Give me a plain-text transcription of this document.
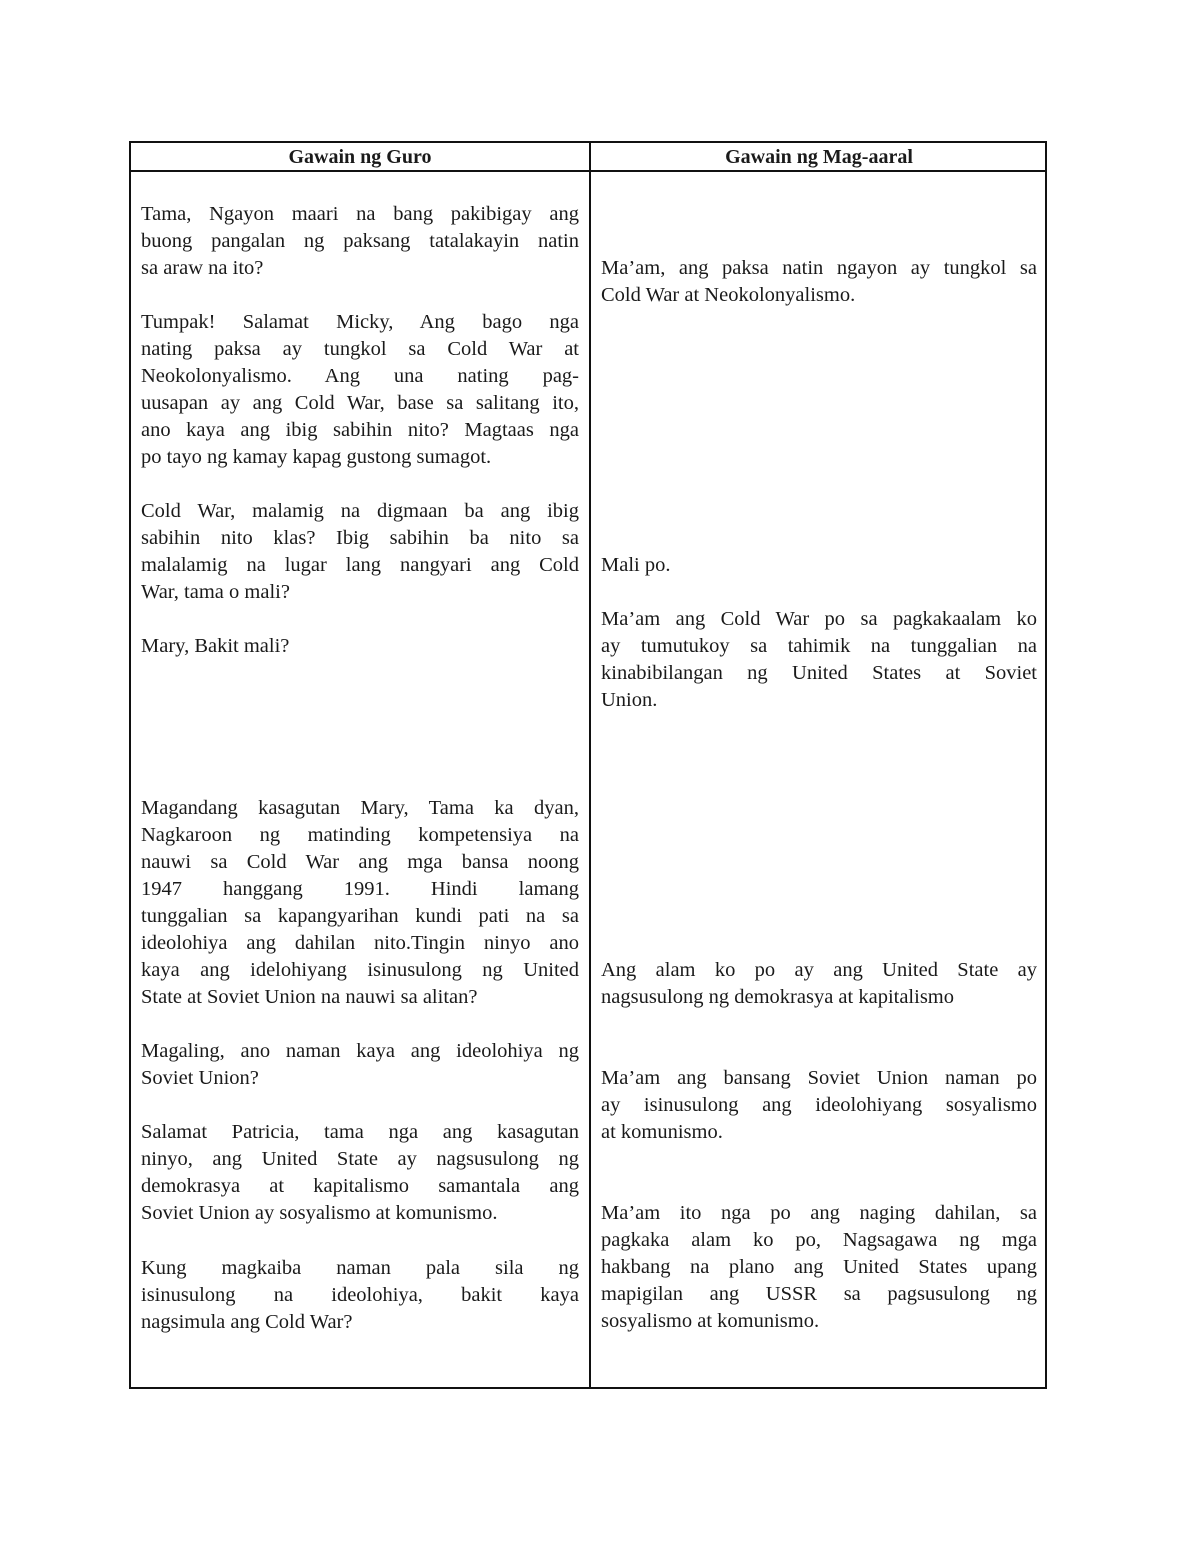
Gawain ng Guro	Gawain ng Mag-aaral
Tama, Ngayon maari na bang pakibigay ang
buong pangalan ng paksang tatalakayin natin
sa araw na ito?
Tumpak! Salamat Micky, Ang bago nga
nating paksa ay tungkol sa Cold War at
Neokolonyalismo. Ang una nating pag-
uusapan ay ang Cold War, base sa salitang ito,
ano kaya ang ibig sabihin nito? Magtaas nga
po tayo ng kamay kapag gustong sumagot.
Cold War, malamig na digmaan ba ang ibig
sabihin nito klas? Ibig sabihin ba nito sa
malalamig na lugar lang nangyari ang Cold
War, tama o mali?
Mary, Bakit mali?
Magandang kasagutan Mary, Tama ka dyan,
Nagkaroon ng matinding kompetensiya na
nauwi sa Cold War ang mga bansa noong
1947 hanggang 1991. Hindi lamang
tunggalian sa kapangyarihan kundi pati na sa
ideolohiya ang dahilan nito.Tingin ninyo ano
kaya ang idelohiyang isinusulong ng United
State at Soviet Union na nauwi sa alitan?
Magaling, ano naman kaya ang ideolohiya ng
Soviet Union?
Salamat Patricia, tama nga ang kasagutan
ninyo, ang United State ay nagsusulong ng
demokrasya at kapitalismo samantala ang
Soviet Union ay sosyalismo at komunismo.
Kung magkaiba naman pala sila ng
isinusulong na ideolohiya, bakit kaya
nagsimula ang Cold War?
Ma’am, ang paksa natin ngayon ay tungkol sa
Cold War at Neokolonyalismo.
Mali po.
Ma’am ang Cold War po sa pagkakaalam ko
ay tumutukoy sa tahimik na tunggalian na
kinabibilangan ng United States at Soviet
Union.
Ang alam ko po ay ang United State ay
nagsusulong ng demokrasya at kapitalismo
Ma’am ang bansang Soviet Union naman po
ay isinusulong ang ideolohiyang sosyalismo
at komunismo.
Ma’am ito nga po ang naging dahilan, sa
pagkaka alam ko po, Nagsagawa ng mga
hakbang na plano ang United States upang
mapigilan ang USSR sa pagsusulong ng
sosyalismo at komunismo.
